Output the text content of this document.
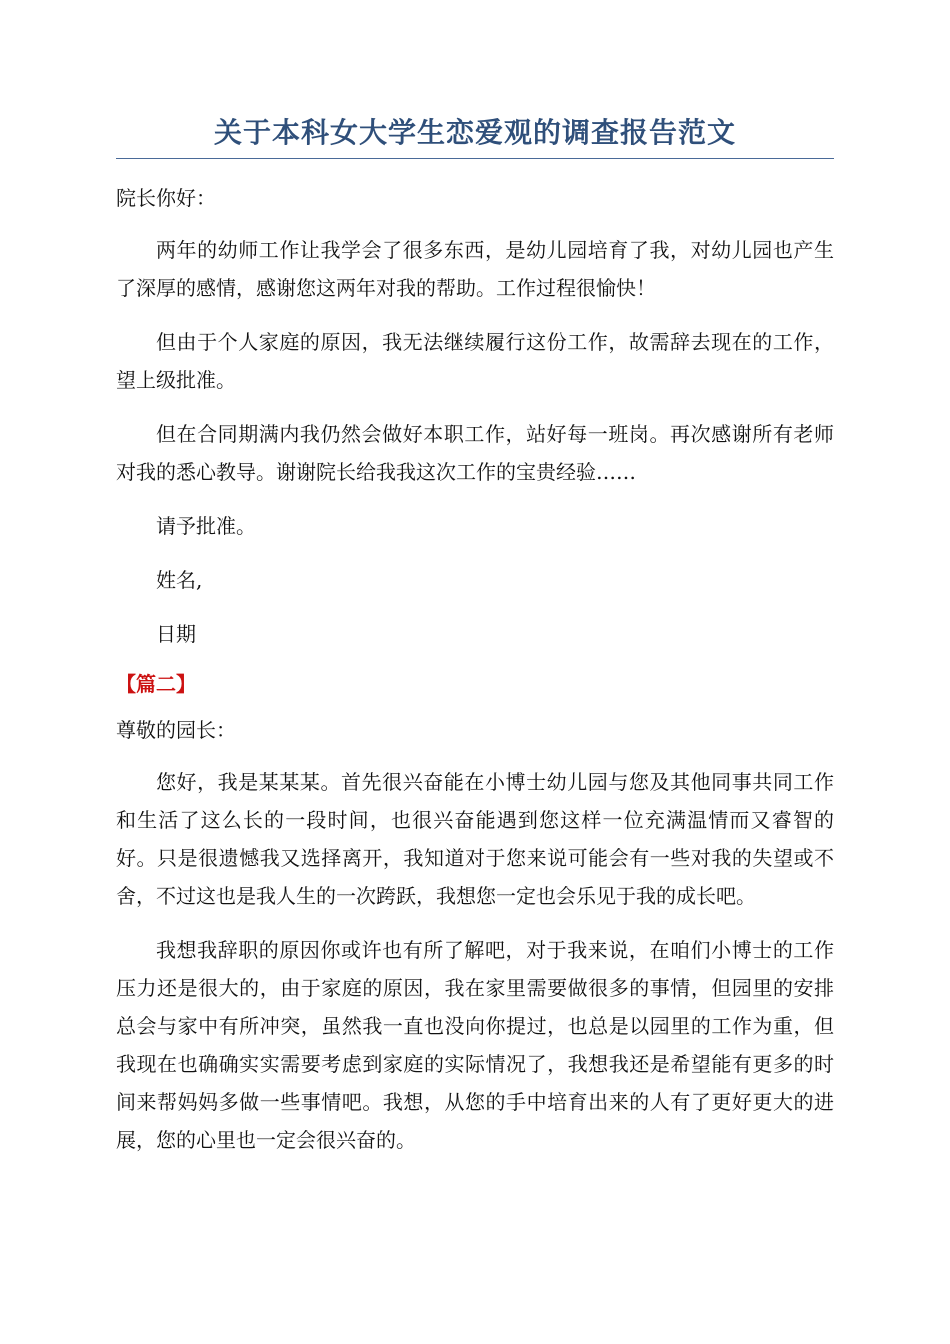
关于本科女大学生恋爱观的调查报告范文

院长你好：

两年的幼师工作让我学会了很多东西，是幼儿园培育了我，对幼儿园也产生了深厚的感情，感谢您这两年对我的帮助。工作过程很愉快！

但由于个人家庭的原因，我无法继续履行这份工作，故需辞去现在的工作，望上级批准。

但在合同期满内我仍然会做好本职工作，站好每一班岗。再次感谢所有老师对我的悉心教导。谢谢院长给我我这次工作的宝贵经验……

请予批准。

姓名,

日期

【篇二】

尊敬的园长：

您好，我是某某某。首先很兴奋能在小博士幼儿园与您及其他同事共同工作和生活了这么长的一段时间，也很兴奋能遇到您这样一位充满温情而又睿智的好。只是很遗憾我又选择离开，我知道对于您来说可能会有一些对我的失望或不舍，不过这也是我人生的一次跨跃，我想您一定也会乐见于我的成长吧。

我想我辞职的原因你或许也有所了解吧，对于我来说，在咱们小博士的工作压力还是很大的，由于家庭的原因，我在家里需要做很多的事情，但园里的安排总会与家中有所冲突，虽然我一直也没向你提过，也总是以园里的工作为重，但我现在也确确实实需要考虑到家庭的实际情况了，我想我还是希望能有更多的时间来帮妈妈多做一些事情吧。我想，从您的手中培育出来的人有了更好更大的进展，您的心里也一定会很兴奋的。
